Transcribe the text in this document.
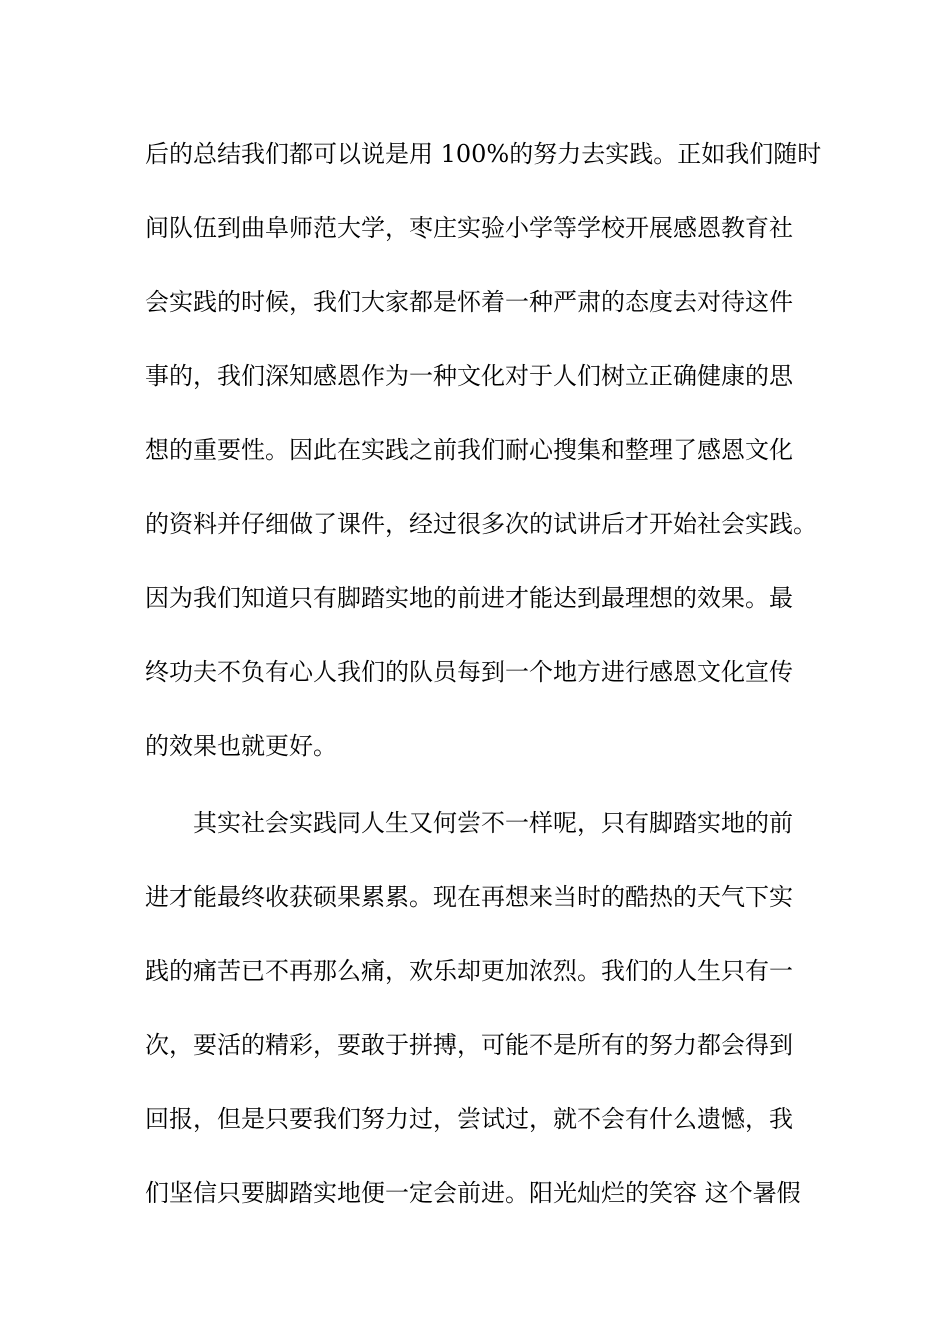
后的总结我们都可以说是用 100%的努力去实践。正如我们随时
间队伍到曲阜师范大学，枣庄实验小学等学校开展感恩教育社
会实践的时候，我们大家都是怀着一种严肃的态度去对待这件
事的，我们深知感恩作为一种文化对于人们树立正确健康的思
想的重要性。因此在实践之前我们耐心搜集和整理了感恩文化
的资料并仔细做了课件，经过很多次的试讲后才开始社会实践。
因为我们知道只有脚踏实地的前进才能达到最理想的效果。最
终功夫不负有心人我们的队员每到一个地方进行感恩文化宣传
的效果也就更好。
其实社会实践同人生又何尝不一样呢，只有脚踏实地的前
进才能最终收获硕果累累。现在再想来当时的酷热的天气下实
践的痛苦已不再那么痛，欢乐却更加浓烈。我们的人生只有一
次，要活的精彩，要敢于拼搏，可能不是所有的努力都会得到
回报，但是只要我们努力过，尝试过，就不会有什么遗憾，我
们坚信只要脚踏实地便一定会前进。阳光灿烂的笑容 这个暑假
